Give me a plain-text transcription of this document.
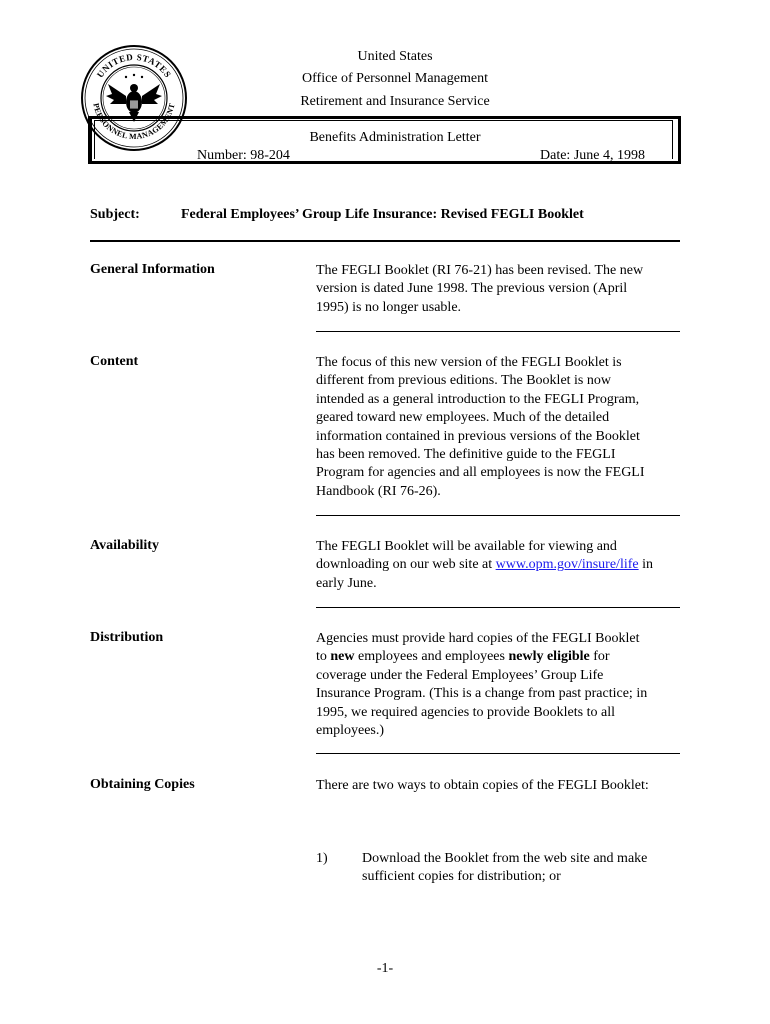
UNITED STATES
PERSONNEL MANAGEMENT
United States
Office of Personnel Management
Retirement and Insurance Service
Benefits Administration Letter
Number: 98-204	Date: June 4, 1998
Subject:	Federal Employees’ Group Life Insurance: Revised FEGLI Booklet
General Information	The FEGLI Booklet (RI 76-21) has been revised. The new
version is dated June 1998. The previous version (April
1995) is no longer usable.
Content	The focus of this new version of the FEGLI Booklet is
different from previous editions. The Booklet is now
intended as a general introduction to the FEGLI Program,
geared toward new employees. Much of the detailed
information contained in previous versions of the Booklet
has been removed. The definitive guide to the FEGLI
Program for agencies and all employees is now the FEGLI
Handbook (RI 76-26).
Availability	The FEGLI Booklet will be available for viewing and
downloading on our web site at www.opm.gov/insure/life in
early June.
Distribution	Agencies must provide hard copies of the FEGLI Booklet
to new employees and employees newly eligible for
coverage under the Federal Employees’ Group Life
Insurance Program. (This is a change from past practice; in
1995, we required agencies to provide Booklets to all
employees.)
Obtaining Copies	There are two ways to obtain copies of the FEGLI Booklet:
1) Download the Booklet from the web site and make
sufficient copies for distribution; or
-1-
